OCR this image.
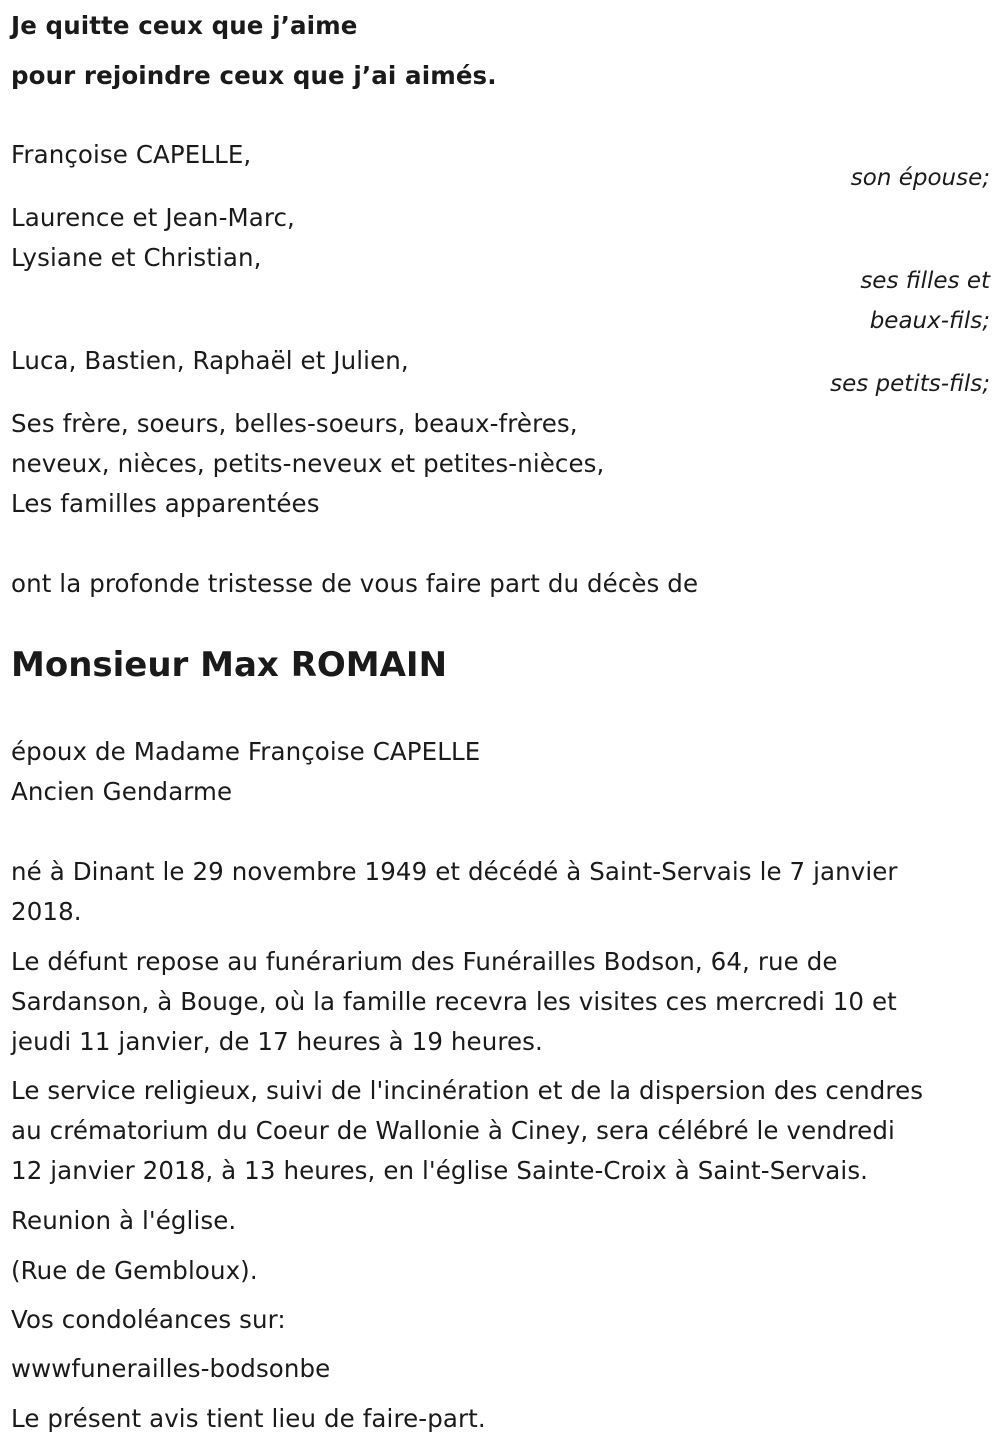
Je quitte ceux que j’aime
pour rejoindre ceux que j’ai aimés.
Françoise CAPELLE,
son épouse;
Laurence et Jean-Marc,
Lysiane et Christian,
ses filles et
beaux-fils;
Luca, Bastien, Raphaël et Julien,
ses petits-fils;
Ses frère, soeurs, belles-soeurs, beaux-frères,
neveux, nièces, petits-neveux et petites-nièces,
Les familles apparentées
ont la profonde tristesse de vous faire part du décès de
Monsieur Max ROMAIN
époux de Madame Françoise CAPELLE
Ancien Gendarme
né à Dinant le 29 novembre 1949 et décédé à Saint-Servais le 7 janvier
2018.
Le défunt repose au funérarium des Funérailles Bodson, 64, rue de
Sardanson, à Bouge, où la famille recevra les visites ces mercredi 10 et
jeudi 11 janvier, de 17 heures à 19 heures.
Le service religieux, suivi de l'incinération et de la dispersion des cendres
au crématorium du Coeur de Wallonie à Ciney, sera célébré le vendredi
12 janvier 2018, à 13 heures, en l'église Sainte-Croix à Saint-Servais.
Reunion à l'église.
(Rue de Gembloux).
Vos condoléances sur:
wwwfunerailles-bodsonbe
Le présent avis tient lieu de faire-part.
